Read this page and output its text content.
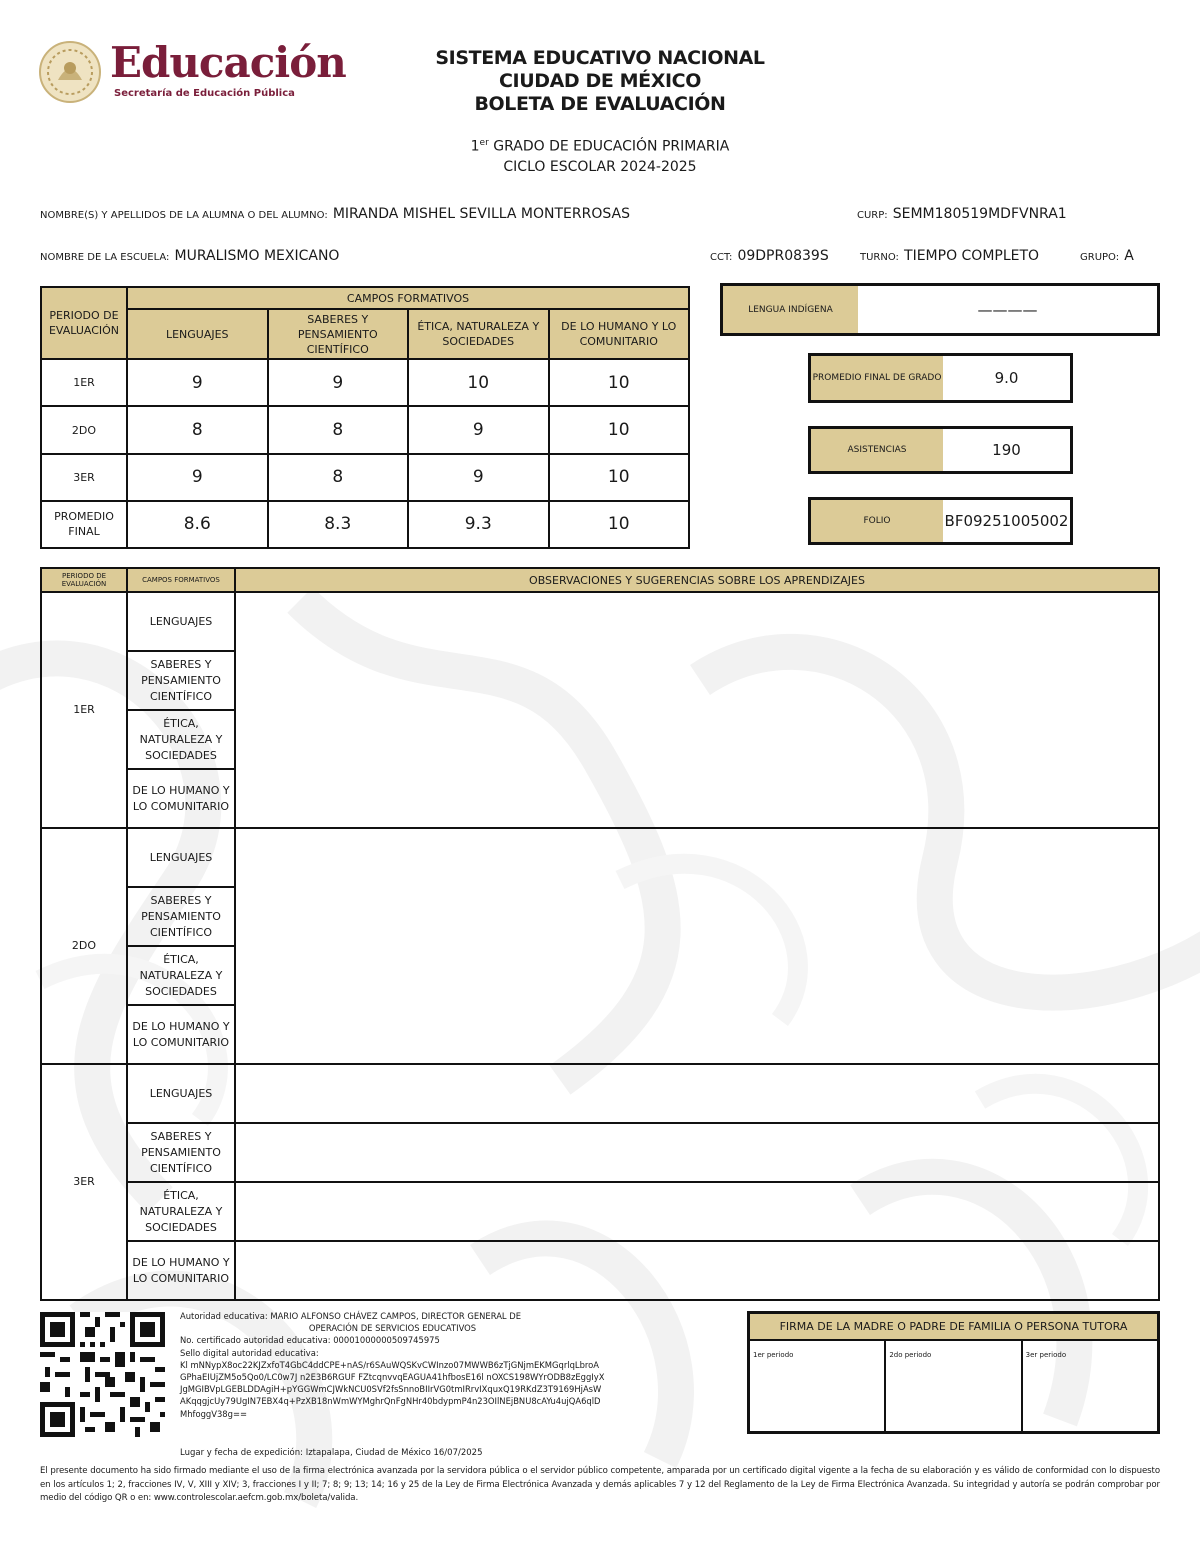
Educación
Secretaría de Educación Pública
SISTEMA EDUCATIVO NACIONAL
CIUDAD DE MÉXICO
BOLETA DE EVALUACIÓN
1er GRADO DE EDUCACIÓN PRIMARIA
CICLO ESCOLAR 2024-2025
NOMBRE(S) Y APELLIDOS DE LA ALUMNA O DEL ALUMNO: MIRANDA MISHEL SEVILLA MONTERROSAS	CURP: SEMM180519MDFVNRA1
NOMBRE DE LA ESCUELA: MURALISMO MEXICANO	CCT: 09DPR0839S	TURNO: TIEMPO COMPLETO	GRUPO: A
PERIODO DE EVALUACIÓN	CAMPOS FORMATIVOS			
	LENGUAJES	SABERES Y PENSAMIENTO CIENTÍFICO	ÉTICA, NATURALEZA Y SOCIEDADES	DE LO HUMANO Y LO COMUNITARIO
1ER	9	9	10	10
2DO	8	8	9	10
3ER	9	8	9	10
PROMEDIO FINAL	8.6	8.3	9.3	10
LENGUA INDÍGENA	————
PROMEDIO FINAL DE GRADO	9.0
ASISTENCIAS	190
FOLIO	BF09251005002
PERIODO DE EVALUACIÓN	CAMPOS FORMATIVOS	OBSERVACIONES Y SUGERENCIAS SOBRE LOS APRENDIZAJES
1ER	LENGUAJES	
	SABERES Y PENSAMIENTO CIENTÍFICO	
	ÉTICA, NATURALEZA Y SOCIEDADES	
	DE LO HUMANO Y LO COMUNITARIO	
2DO	LENGUAJES	
	SABERES Y PENSAMIENTO CIENTÍFICO	
	ÉTICA, NATURALEZA Y SOCIEDADES	
	DE LO HUMANO Y LO COMUNITARIO	
3ER	LENGUAJES	
	SABERES Y PENSAMIENTO CIENTÍFICO	
	ÉTICA, NATURALEZA Y SOCIEDADES	
	DE LO HUMANO Y LO COMUNITARIO	
Autoridad educativa: MARIO ALFONSO CHÁVEZ CAMPOS, DIRECTOR GENERAL DE
OPERACIÓN DE SERVICIOS EDUCATIVOS
No. certificado autoridad educativa: 00001000000509745975
Sello digital autoridad educativa:
Kl mNNypX8oc22KJZxfoT4GbC4ddCPE+nAS/r6SAuWQSKvCWInzo07MWWB6zTjGNjmEKMGqrlqLbroAGPhaEIUjZM5o5Qo0/LC0w7J n2E3B6RGUF FZtcqnvvqEAGUA41hfbosE16l nOXCS198WYrODB8zEggIyXJgMGIBVpLGEBLDDAgiH+pYGGWmCJWkNCU0SVf2fsSnnoBIIrVG0tmIRrvIXquxQ19RKdZ3T9169HjAsWAKqqgjcUy79UgIN7EBX4q+PzXB18nWmWYMghrQnFgNHr40bdypmP4n23OIlNEjBNU8cAYu4ujQA6qlDMhfoggV38g==
Lugar y fecha de expedición: Iztapalapa, Ciudad de México 16/07/2025
El presente documento ha sido firmado mediante el uso de la firma electrónica avanzada por la servidora pública o el servidor público competente, amparada por un certificado digital vigente a la fecha de su elaboración y es válido de conformidad con lo dispuesto en los artículos 1; 2, fracciones IV, V, XIII y XIV; 3, fracciones I y II; 7; 8; 9; 13; 14; 16 y 25 de la Ley de Firma Electrónica Avanzada y demás aplicables 7 y 12 del Reglamento de la Ley de Firma Electrónica Avanzada. Su integridad y autoría se podrán comprobar por medio del código QR o en: www.controlescolar.aefcm.gob.mx/boleta/valida.
FIRMA DE LA MADRE O PADRE DE FAMILIA O PERSONA TUTORA
1er periodo	2do periodo	3er periodo
